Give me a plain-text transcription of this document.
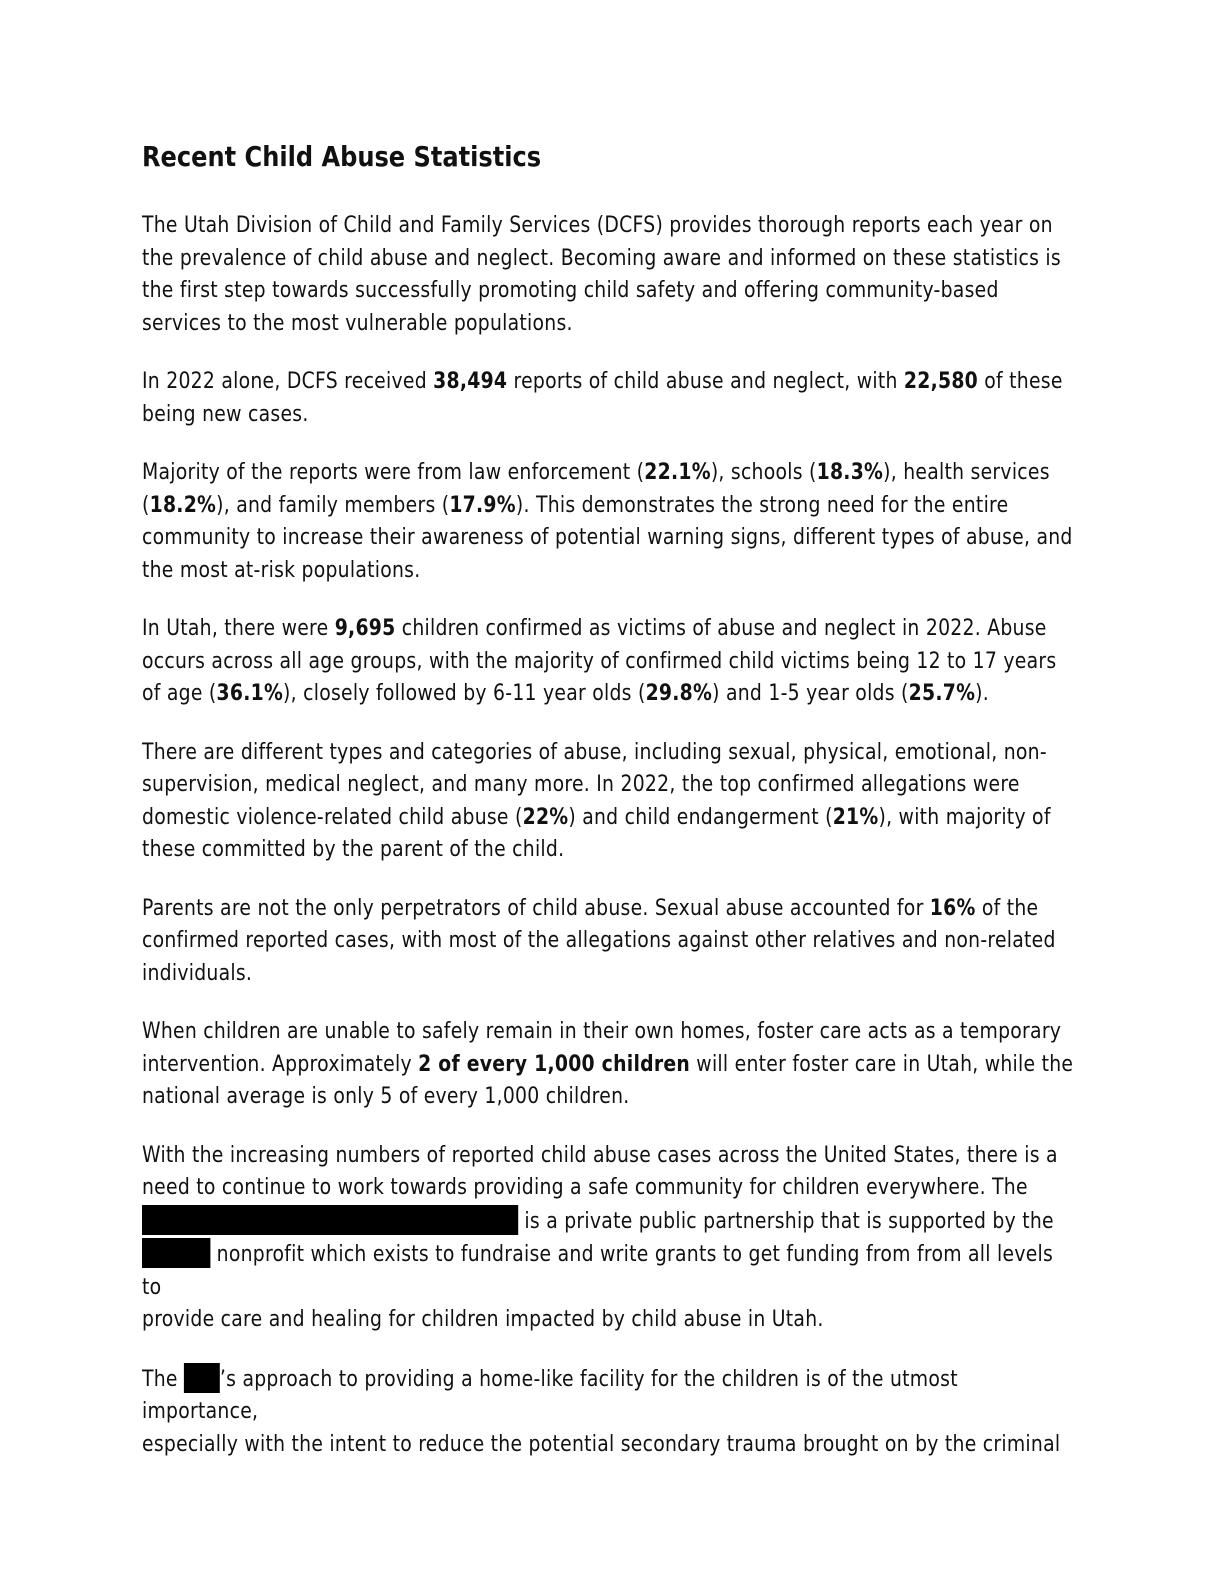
Recent Child Abuse Statistics

The Utah Division of Child and Family Services (DCFS) provides thorough reports each year on the prevalence of child abuse and neglect. Becoming aware and informed on these statistics is the first step towards successfully promoting child safety and offering community-based services to the most vulnerable populations.

In 2022 alone, DCFS received 38,494 reports of child abuse and neglect, with 22,580 of these being new cases.

Majority of the reports were from law enforcement (22.1%), schools (18.3%), health services (18.2%), and family members (17.9%). This demonstrates the strong need for the entire community to increase their awareness of potential warning signs, different types of abuse, and the most at-risk populations.

In Utah, there were 9,695 children confirmed as victims of abuse and neglect in 2022. Abuse occurs across all age groups, with the majority of confirmed child victims being 12 to 17 years of age (36.1%), closely followed by 6-11 year olds (29.8%) and 1-5 year olds (25.7%).

There are different types and categories of abuse, including sexual, physical, emotional, non-supervision, medical neglect, and many more. In 2022, the top confirmed allegations were domestic violence-related child abuse (22%) and child endangerment (21%), with majority of these committed by the parent of the child.

Parents are not the only perpetrators of child abuse. Sexual abuse accounted for 16% of the confirmed reported cases, with most of the allegations against other relatives and non-related individuals.

When children are unable to safely remain in their own homes, foster care acts as a temporary intervention. Approximately 2 of every 1,000 children will enter foster care in Utah, while the national average is only 5 of every 1,000 children.

With the increasing numbers of reported child abuse cases across the United States, there is a
need to continue to work towards providing a safe community for children everywhere. The
is a private public partnership that is supported by the
nonprofit which exists to fundraise and write grants to get funding from from all levels to
provide care and healing for children impacted by child abuse in Utah.

The ’s approach to providing a home-like facility for the children is of the utmost importance,
especially with the intent to reduce the potential secondary trauma brought on by the criminal
